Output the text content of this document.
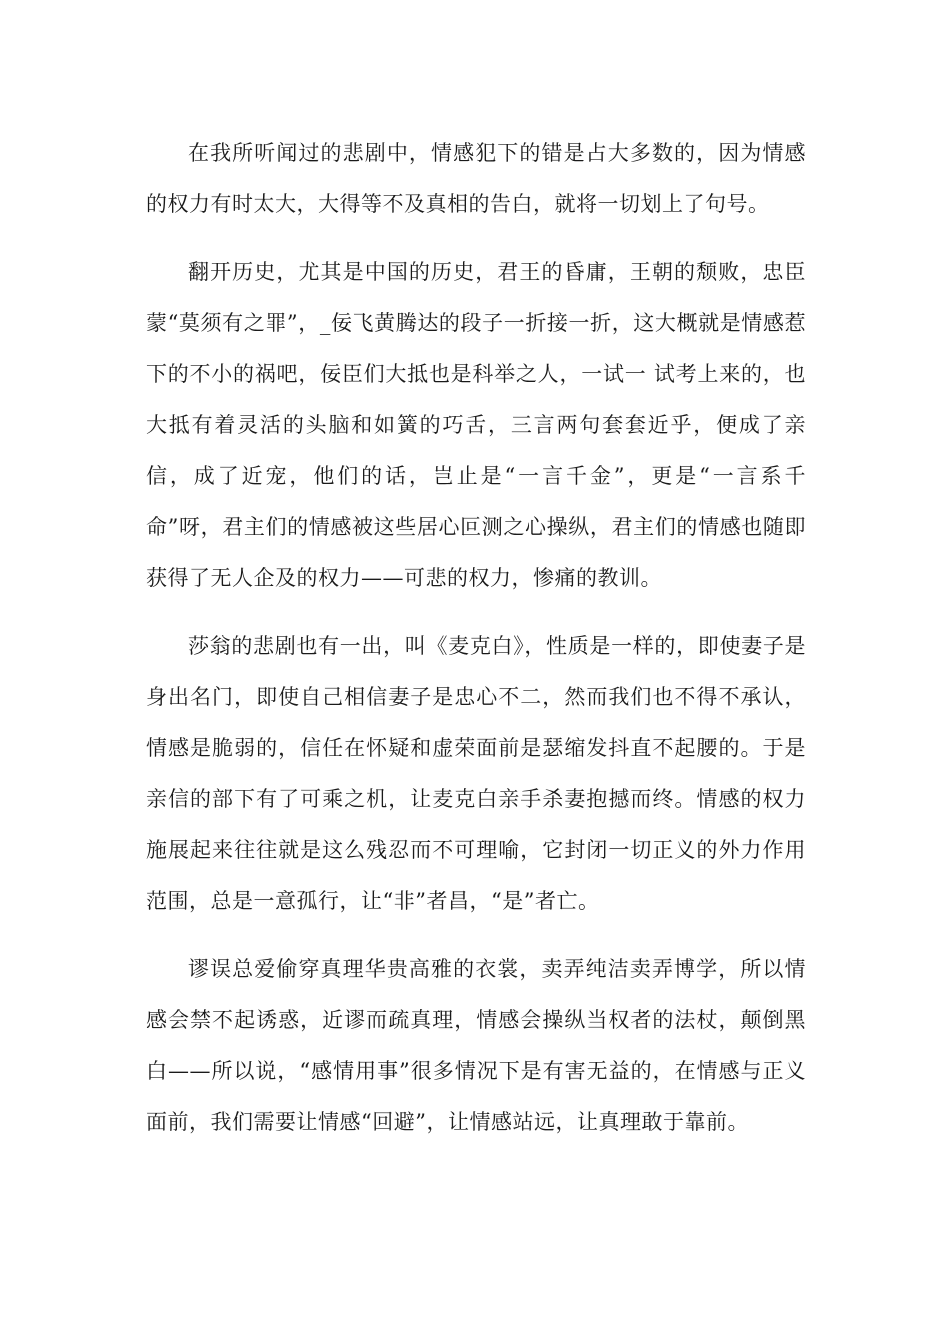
在我所听闻过的悲剧中，情感犯下的错是占大多数的，因为情感的权力有时太大，大得等不及真相的告白，就将一切划上了句号。

翻开历史，尤其是中国的历史，君王的昏庸，王朝的颓败，忠臣蒙“莫须有之罪”，_佞飞黄腾达的段子一折接一折，这大概就是情感惹下的不小的祸吧，佞臣们大抵也是科举之人，一试一 试考上来的，也大抵有着灵活的头脑和如簧的巧舌，三言两句套套近乎，便成了亲信，成了近宠，他们的话，岂止是“一言千金”，更是“一言系千命”呀，君主们的情感被这些居心叵测之心操纵，君主们的情感也随即获得了无人企及的权力——可悲的权力，惨痛的教训。

莎翁的悲剧也有一出，叫《麦克白》，性质是一样的，即使妻子是身出名门，即使自己相信妻子是忠心不二，然而我们也不得不承认，情感是脆弱的，信任在怀疑和虚荣面前是瑟缩发抖直不起腰的。于是亲信的部下有了可乘之机，让麦克白亲手杀妻抱撼而终。情感的权力施展起来往往就是这么残忍而不可理喻，它封闭一切正义的外力作用范围，总是一意孤行，让“非”者昌，“是”者亡。

谬误总爱偷穿真理华贵高雅的衣裳，卖弄纯洁卖弄博学，所以情感会禁不起诱惑，近谬而疏真理，情感会操纵当权者的法杖，颠倒黑白——所以说，“感情用事”很多情况下是有害无益的，在情感与正义面前，我们需要让情感“回避”，让情感站远，让真理敢于靠前。
